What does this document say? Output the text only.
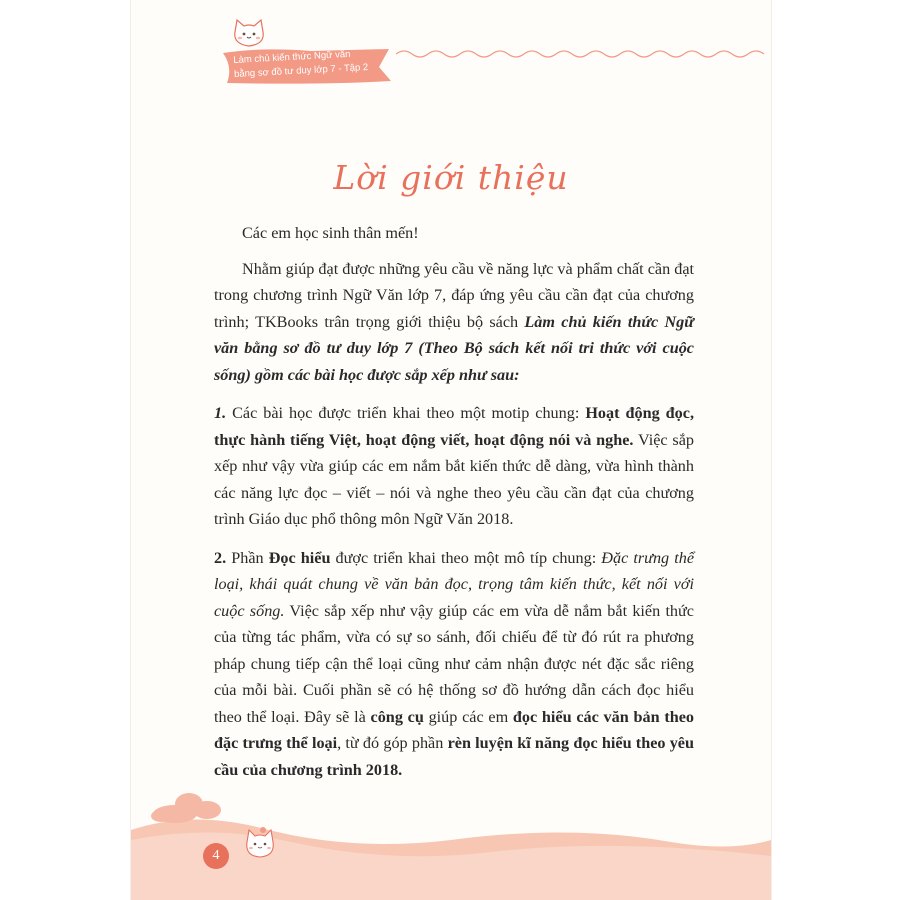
Làm chủ kiến thức Ngữ văn
bằng sơ đồ tư duy lớp 7 - Tập 2
Lời giới thiệu

Các em học sinh thân mến!

Nhằm giúp đạt được những yêu cầu về năng lực và phẩm chất cần đạt trong chương trình Ngữ Văn lớp 7, đáp ứng yêu cầu cần đạt của chương trình; TKBooks trân trọng giới thiệu bộ sách Làm chủ kiến thức Ngữ văn bằng sơ đồ tư duy lớp 7 (Theo Bộ sách kết nối tri thức với cuộc sống) gồm các bài học được sắp xếp như sau:

1. Các bài học được triển khai theo một motip chung: Hoạt động đọc, thực hành tiếng Việt, hoạt động viết, hoạt động nói và nghe. Việc sắp xếp như vậy vừa giúp các em nắm bắt kiến thức dễ dàng, vừa hình thành các năng lực đọc – viết – nói và nghe theo yêu cầu cần đạt của chương trình Giáo dục phổ thông môn Ngữ Văn 2018.

2. Phần Đọc hiểu được triển khai theo một mô típ chung: Đặc trưng thể loại, khái quát chung về văn bản đọc, trọng tâm kiến thức, kết nối với cuộc sống. Việc sắp xếp như vậy giúp các em vừa dễ nắm bắt kiến thức của từng tác phẩm, vừa có sự so sánh, đối chiếu để từ đó rút ra phương pháp chung tiếp cận thể loại cũng như cảm nhận được nét đặc sắc riêng của mỗi bài. Cuối phần sẽ có hệ thống sơ đồ hướng dẫn cách đọc hiểu theo thể loại. Đây sẽ là công cụ giúp các em đọc hiểu các văn bản theo đặc trưng thể loại, từ đó góp phần rèn luyện kĩ năng đọc hiểu theo yêu cầu của chương trình 2018.

4
